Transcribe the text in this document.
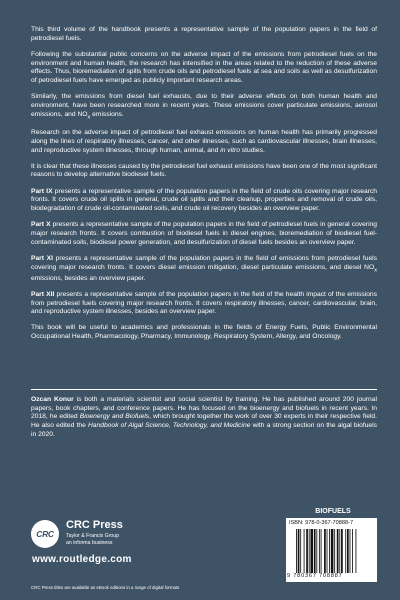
This third volume of the handbook presents a representative sample of the population papers in the field of petrodiesel fuels.

Following the substantial public concerns on the adverse impact of the emissions from petrodiesel fuels on the environment and human health, the research has intensified in the areas related to the reduction of these adverse effects. Thus, bioremediation of spills from crude oils and petrodiesel fuels at sea and soils as well as desulfurization of petrodiesel fuels have emerged as publicly important research areas.

Similarly, the emissions from diesel fuel exhausts, due to their adverse effects on both human health and environment, have been researched more in recent years. These emissions cover particulate emissions, aerosol emissions, and $NO_x$ emissions.

Research on the adverse impact of petrodiesel fuel exhaust emissions on human health has primarily progressed along the lines of respiratory illnesses, cancer, and other illnesses, such as cardiovascular illnesses, brain illnesses, and reproductive system illnesses, through human, animal, and in vitro studies.

It is clear that these illnesses caused by the petrodiesel fuel exhaust emissions have been one of the most significant reasons to develop alternative biodiesel fuels.

Part IX presents a representative sample of the population papers in the field of crude oils covering major research fronts. It covers crude oil spills in general, crude oil spills and their cleanup, properties and removal of crude oils, biodegradation of crude oil-contaminated soils, and crude oil recovery besides an overview paper.

Part X presents a representative sample of the population papers in the field of petrodiesel fuels in general covering major research fronts. It covers combustion of biodiesel fuels in diesel engines, bioremediation of biodiesel fuel-contaminated soils, biodiesel power generation, and desulfurization of diesel fuels besides an overview paper.

Part XI presents a representative sample of the population papers in the field of emissions from petrodiesel fuels covering major research fronts. It covers diesel emission mitigation, diesel particulate emissions, and diesel $NO_x$ emissions, besides an overview paper.

Part XII presents a representative sample of the population papers in the field of the health impact of the emissions from petrodiesel fuels covering major research fronts. It covers respiratory illnesses, cancer, cardiovascular, brain, and reproductive system illnesses, besides an overview paper.

This book will be useful to academics and professionals in the fields of Energy Fuels, Public Environmental Occupational Health, Pharmacology, Pharmacy, Immunology, Respiratory System, Allergy, and Oncology.

Ozcan Konur is both a materials scientist and social scientist by training. He has published around 200 journal papers, book chapters, and conference papers. He has focused on the bioenergy and biofuels in recent years. In 2018, he edited Bioenergy and Biofuels, which brought together the work of over 30 experts in their respective field. He also edited the Handbook of Algal Science, Technology, and Medicine with a strong section on the algal biofuels in 2020.

CRC
CRC Press
Taylor & Francis Group
an informa business
www.routledge.com
CRC Press titles are available as eBook editions in a range of digital formats
BIOFUELS
ISBN: 978-0-367-70888-7
9 780367 708887
